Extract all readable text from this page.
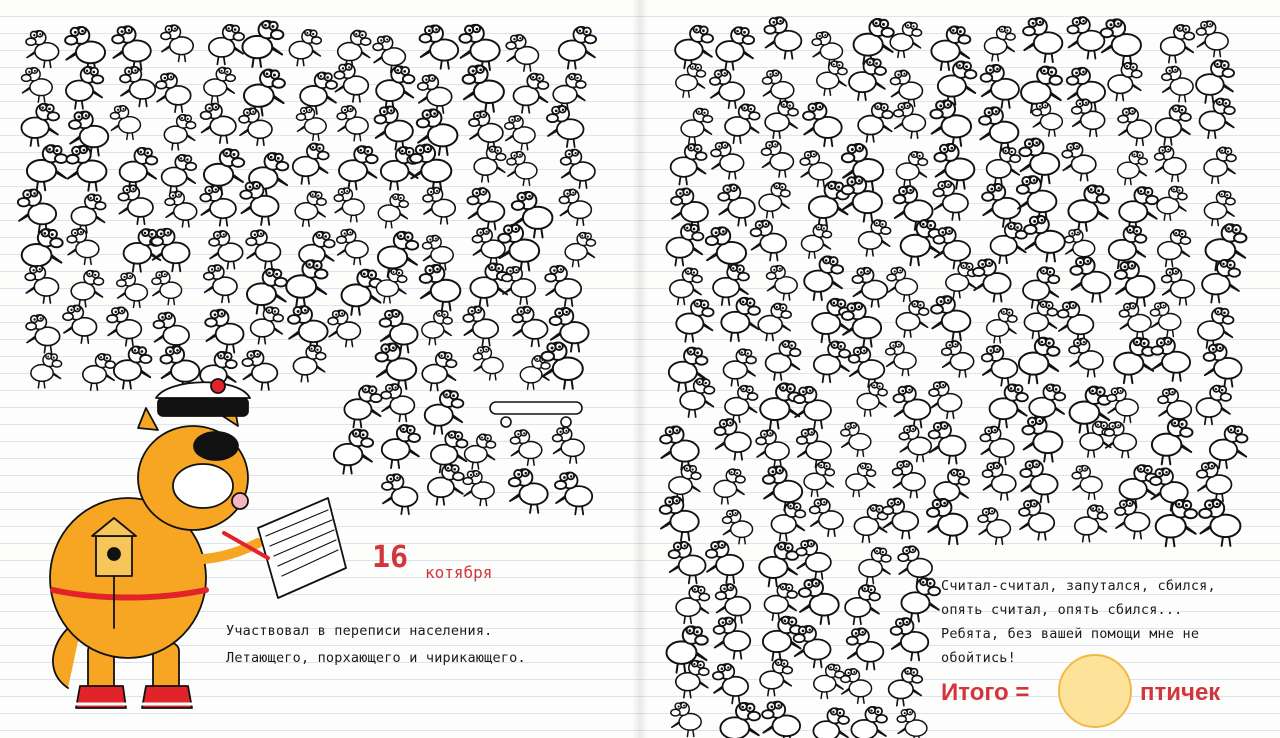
16 котября
Участвовал в переписи населения.
Летающего, порхающего и чирикающего.
Считал-считал, запутался, сбился,
опять считал, опять сбился...
Ребята, без вашей помощи мне не
обойтись!
Итого =	птичек
